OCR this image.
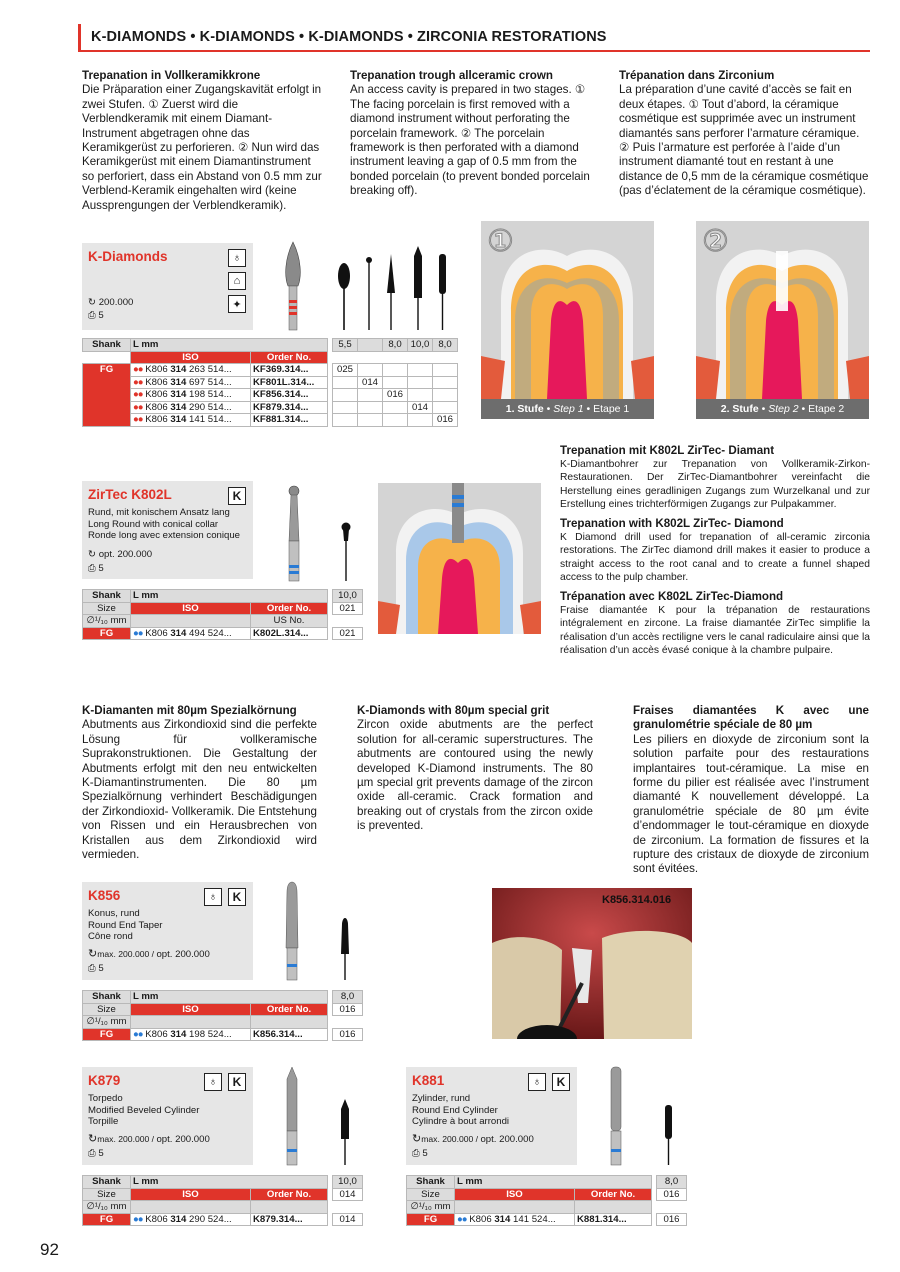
K-DIAMONDS • K-DIAMONDS • K-DIAMONDS • ZIRCONIA RESTORATIONS
Trepanation in Vollkeramikkrone
Die Präparation einer Zugangskavität erfolgt in zwei Stufen. ① Zuerst wird die Verblendkeramik mit einem Diamant-Instrument abgetragen ohne das Keramikgerüst zu perforieren. ② Nun wird das Keramikgerüst mit einem Diamantinstrument so perforiert, dass ein Abstand von 0.5 mm zur Verblend-Keramik eingehalten wird (keine Aussprengungen der Verblendkeramik).
Trepanation trough allceramic crown
An access cavity is prepared in two stages. ① The facing porcelain is first removed with a diamond instrument without perforating the porcelain framework. ② The porcelain framework is then perforated with a diamond instrument leaving a gap of 0.5 mm from the bonded porcelain (to prevent bonded porcelain breaking off).
Trépanation dans Zirconium
La préparation d’une cavité d’accès se fait en deux étapes. ① Tout d’abord, la céramique cosmétique est supprimée avec un instrument diamantés sans perforer l’armature céramique. ② Puis l’armature est perforée à l’aide d’un instrument diamanté tout en restant à une distance de 0,5 mm de la céramique cosmétique (pas d’éclatement de la céramique cosmétique).
K-Diamonds
↻ 200.000
⎙ 5
♁
⌂
✦
Shank	L mm			5,5		8,0	10,0	8,0
	ISO	Order No.						
FG	●● K806 314 263 514...	KF369.314...		025				
	●● K806 314 697 514...	KF801L.314...			014			
	●● K806 314 198 514...	KF856.314...				016		
	●● K806 314 290 514...	KF879.314...					014	
	●● K806 314 141 514...	KF881.314...						016
①
1. Stufe • Step 1 • Etape 1
②
2. Stufe • Step 2 • Etape 2
Trepanation mit K802L ZirTec- Diamant
K-Diamantbohrer zur Trepanation von Vollkeramik-Zirkon-Restaurationen. Der ZirTec-Diamantbohrer vereinfacht die Herstellung eines geradlinigen Zugangs zum Wurzelkanal und zur Erstellung eines trichterförmigen Zugangs zur Pulpakammer.
Trepanation with K802L ZirTec- Diamond
K Diamond drill used for trepanation of all-ceramic zirconia restorations. The ZirTec diamond drill makes it easier to produce a straight access to the root canal and to create a funnel shaped access to the pulp chamber.
Trépanation avec K802L ZirTec-Diamond
Fraise diamantée K pour la trépanation de restaurations intégralement en zircone. La fraise diamantée ZirTec simplifie la réalisation d’un accès rectiligne vers le canal radiculaire ainsi que la réalisation d’un accès évasé conique à la chambre pulpaire.
ZirTec K802L
Rund, mit konischem Ansatz lang
Long Round with conical collar
Ronde long avec extension conique
↻ opt. 200.000
⎙ 5
K
Shank	L mm			10,0
Size	ISO	Order No.		021
∅¹/₁₀ mm		US No.		
FG	●● K806 314 494 524...	K802L.314...		021
K-Diamanten mit 80µm Spezialkörnung
Abutments aus Zirkondioxid sind die perfekte Lösung für vollkeramische Suprakonstruktionen. Die Gestaltung der Abutments erfolgt mit den neu entwickelten K-Diamantinstrumenten. Die 80 µm Spezialkörnung verhindert Beschädigungen der Zirkondioxid- Vollkeramik. Die Entstehung von Rissen und ein Herausbrechen von Kristallen aus dem Zirkondioxid wird vermieden.
K-Diamonds with 80µm special grit
Zircon oxide abutments are the perfect solution for all-ceramic superstructures. The abutments are contoured using the newly developed K-Diamond instruments. The 80 µm special grit prevents damage of the zircon oxide all-ceramic. Crack formation and breaking out of crystals from the zircon oxide is prevented.
Fraises diamantées K avec une granulométrie spéciale de 80 µm
Les piliers en dioxyde de zirconium sont la solution parfaite pour des restaurations implantaires tout-céramique. La mise en forme du pilier est réalisée avec l’instrument diamanté K nouvellement développé. La granulométrie spéciale de 80 µm évite d’endommager le tout-céramique en dioxyde de zirconium. La formation de fissures et la rupture des cristaux de dioxyde de zirconium sont évitées.
K856
Konus, rund
Round End Taper
Cône rond
↻max. 200.000 / opt. 200.000
⎙ 5
♁	K
Shank	L mm			8,0
Size	ISO	Order No.		016
∅¹/₁₀ mm				
FG	●● K806 314 198 524...	K856.314...		016
K856.314.016
K879
Torpedo
Modified Beveled Cylinder
Torpille
↻max. 200.000 / opt. 200.000
⎙ 5
♁	K
Shank	L mm			10,0
Size	ISO	Order No.		014
∅¹/₁₀ mm				
FG	●● K806 314 290 524...	K879.314...		014
K881
Zylinder, rund
Round End Cylinder
Cylindre à bout arrondi
↻max. 200.000 / opt. 200.000
⎙ 5
♁	K
Shank	L mm			8,0
Size	ISO	Order No.		016
∅¹/₁₀ mm				
FG	●● K806 314 141 524...	K881.314...		016
92
